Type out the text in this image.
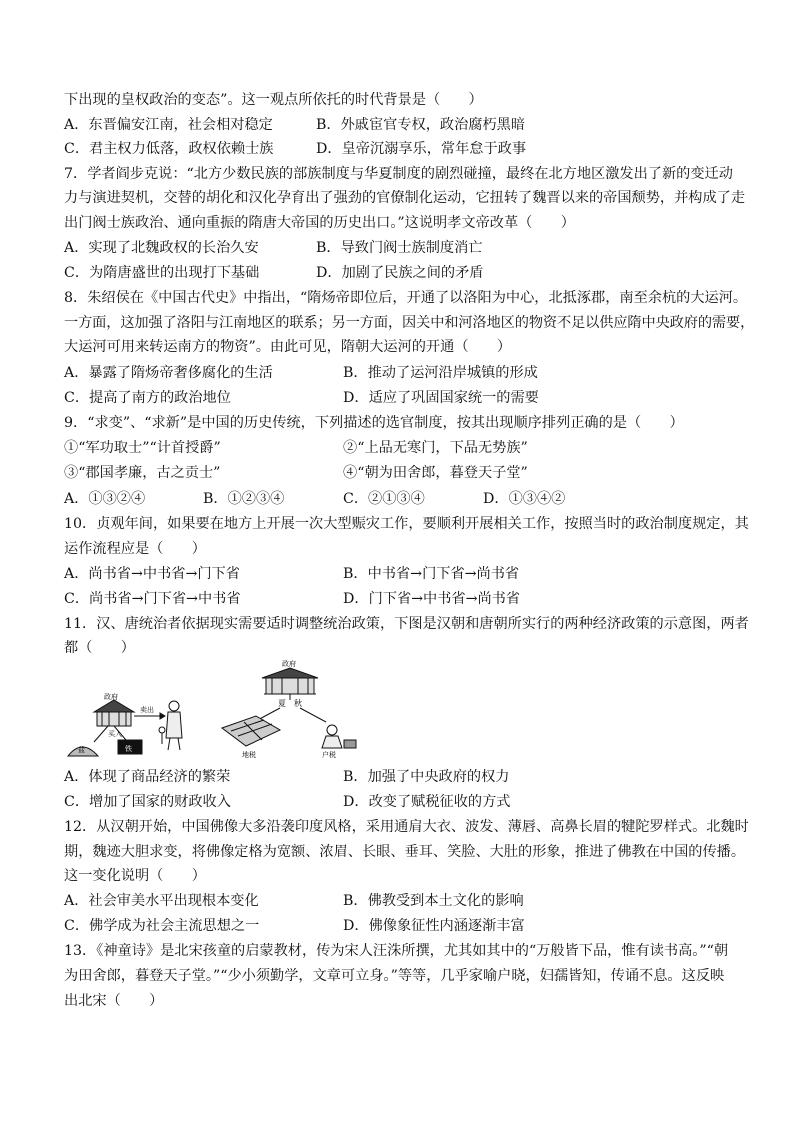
下出现的皇权政治的变态”。这一观点所依托的时代背景是（　　）
A．东晋偏安江南，社会相对稳定	B．外戚宦官专权，政治腐朽黑暗
C．君主权力低落，政权依赖士族	D．皇帝沉溺享乐，常年怠于政事
7．学者阎步克说：“北方少数民族的部族制度与华夏制度的剧烈碰撞，最终在北方地区激发出了新的变迁动
力与演进契机，交替的胡化和汉化孕育出了强劲的官僚制化运动，它扭转了魏晋以来的帝国颓势，并构成了走
出门阀士族政治、通向重振的隋唐大帝国的历史出口。”这说明孝文帝改革（　　）
A．实现了北魏政权的长治久安	B．导致门阀士族制度消亡
C．为隋唐盛世的出现打下基础	D．加剧了民族之间的矛盾
8．朱绍侯在《中国古代史》中指出，“隋炀帝即位后，开通了以洛阳为中心，北抵涿郡，南至余杭的大运河。
一方面，这加强了洛阳与江南地区的联系；另一方面，因关中和河洛地区的物资不足以供应隋中央政府的需要，
大运河可用来转运南方的物资”。由此可见，隋朝大运河的开通（　　）
A．暴露了隋炀帝奢侈腐化的生活	B．推动了运河沿岸城镇的形成
C．提高了南方的政治地位	D．适应了巩固国家统一的需要
9．“求变”、“求新”是中国的历史传统，下列描述的选官制度，按其出现顺序排列正确的是（　　）
①“军功取士”“计首授爵”	②“上品无寒门，下品无势族”
③“郡国孝廉，古之贡士”	④“朝为田舍郎，暮登天子堂”
A．①③②④	B．①②③④	C．②①③④	D．①③④②
10．贞观年间，如果要在地方上开展一次大型赈灾工作，要顺利开展相关工作，按照当时的政治制度规定，其
运作流程应是（　　）
A．尚书省→中书省→门下省	B．中书省→门下省→尚书省
C．尚书省→门下省→中书省	D．门下省→中书省→尚书省
11．汉、唐统治者依据现实需要适时调整统治政策，下图是汉朝和唐朝所实行的两种经济政策的示意图，两者
都（　　）
政府
卖出
买入
盐	铁
政府
夏 秋
地税	户税
A．体现了商品经济的繁荣	B．加强了中央政府的权力
C．增加了国家的财政收入	D．改变了赋税征收的方式
12．从汉朝开始，中国佛像大多沿袭印度风格，采用通肩大衣、波发、薄唇、高鼻长眉的犍陀罗样式。北魏时
期，魏迹大胆求变，将佛像定格为宽额、浓眉、长眼、垂耳、笑脸、大肚的形象，推进了佛教在中国的传播。
这一变化说明（　　）
A．社会审美水平出现根本变化	B．佛教受到本土文化的影响
C．佛学成为社会主流思想之一	D．佛像象征性内涵逐渐丰富
13．《神童诗》是北宋孩童的启蒙教材，传为宋人汪洙所撰，尤其如其中的“万般皆下品，惟有读书高。”“朝
为田舍郎，暮登天子堂。”“少小须勤学，文章可立身。”等等，几乎家喻户晓，妇孺皆知，传诵不息。这反映
出北宋（　　）
